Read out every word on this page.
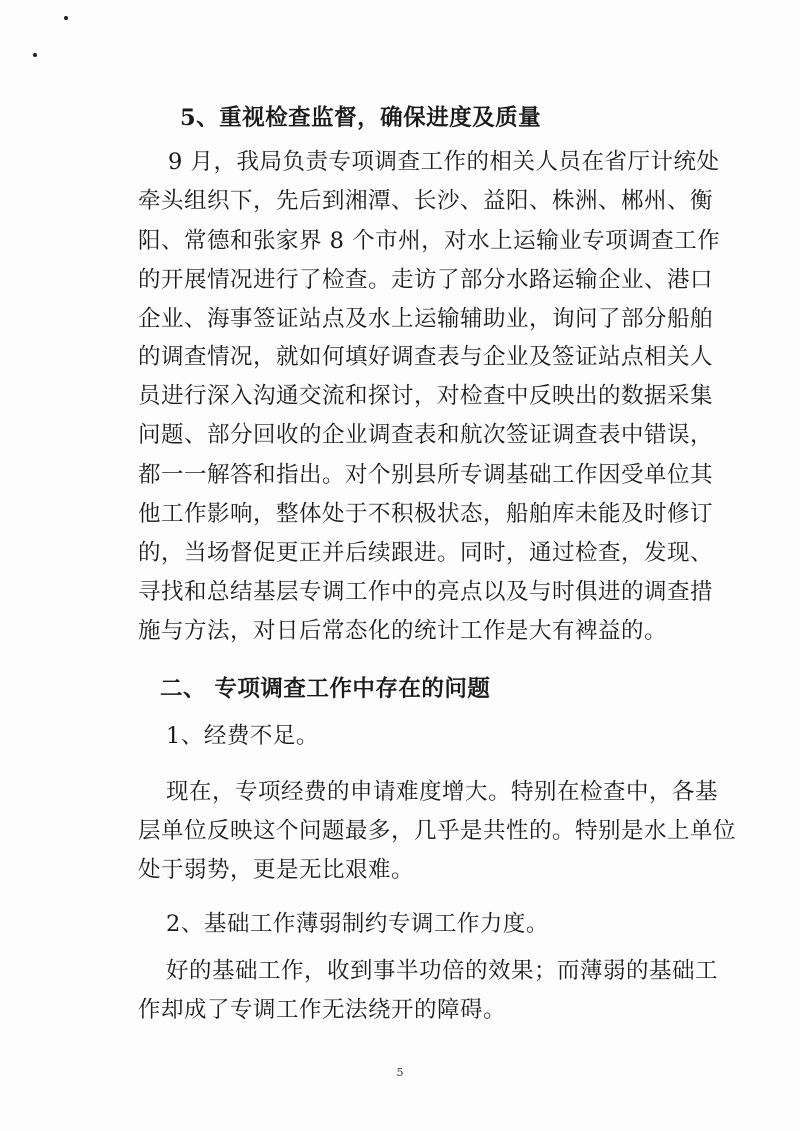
5、重视检查监督，确保进度及质量
9 月，我局负责专项调查工作的相关人员在省厅计统处
牵头组织下，先后到湘潭、长沙、益阳、株洲、郴州、衡
阳、常德和张家界 8 个市州，对水上运输业专项调查工作
的开展情况进行了检查。走访了部分水路运输企业、港口
企业、海事签证站点及水上运输辅助业，询问了部分船舶
的调查情况，就如何填好调查表与企业及签证站点相关人
员进行深入沟通交流和探讨，对检查中反映出的数据采集
问题、部分回收的企业调查表和航次签证调查表中错误，
都一一解答和指出。对个别县所专调基础工作因受单位其
他工作影响，整体处于不积极状态，船舶库未能及时修订
的，当场督促更正并后续跟进。同时，通过检查，发现、
寻找和总结基层专调工作中的亮点以及与时俱进的调查措
施与方法，对日后常态化的统计工作是大有裨益的。
二、 专项调查工作中存在的问题
1、经费不足。
现在，专项经费的申请难度增大。特别在检查中，各基
层单位反映这个问题最多，几乎是共性的。特别是水上单位
处于弱势，更是无比艰难。
2、基础工作薄弱制约专调工作力度。
好的基础工作，收到事半功倍的效果；而薄弱的基础工
作却成了专调工作无法绕开的障碍。
5
